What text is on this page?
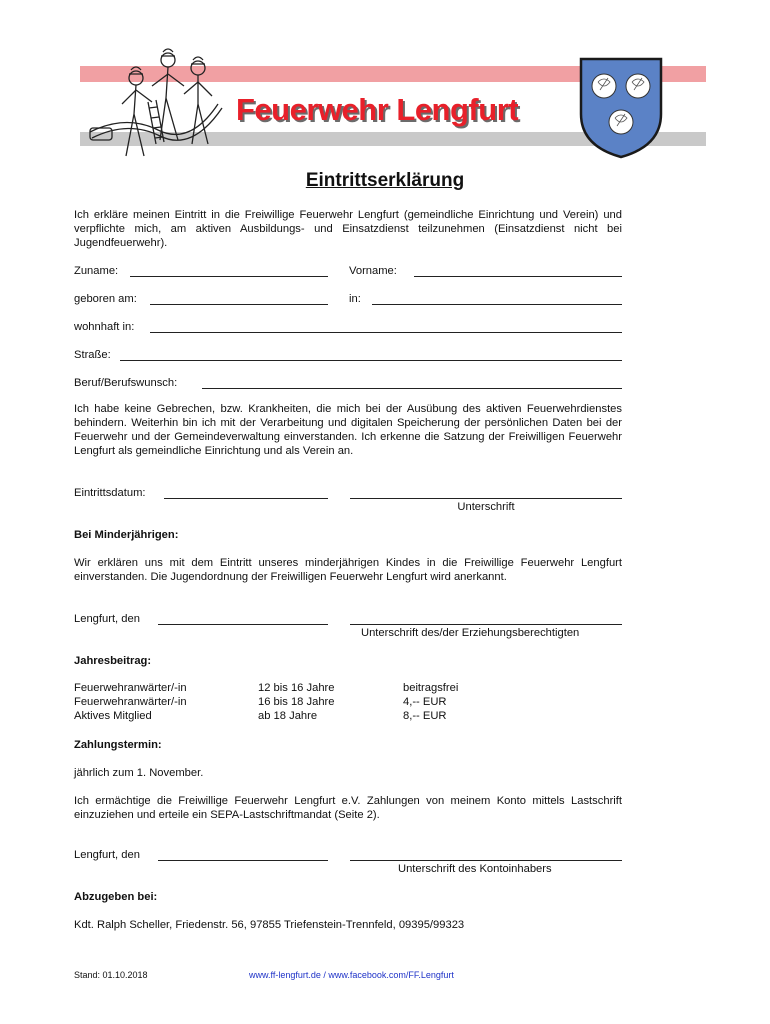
Feuerwehr Lengfurt
Eintrittserklärung
Ich erkläre meinen Eintritt in die Freiwillige Feuerwehr Lengfurt (gemeindliche Einrichtung und Verein) und verpflichte mich, am aktiven Ausbildungs- und Einsatzdienst teilzunehmen (Einsatzdienst nicht bei Jugendfeuerwehr).
Zuname:	Vorname:
geboren am:	in:
wohnhaft in:
Straße:
Beruf/Berufswunsch:
Ich habe keine Gebrechen, bzw. Krankheiten, die mich bei der Ausübung des aktiven Feuerwehrdienstes behindern. Weiterhin bin ich mit der Verarbeitung und digitalen Speicherung der persönlichen Daten bei der Feuerwehr und der Gemeindeverwaltung einverstanden. Ich erkenne die Satzung der Freiwilligen Feuerwehr Lengfurt als gemeindliche Einrichtung und als Verein an.
Eintrittsdatum:
Unterschrift
Bei Minderjährigen:
Wir erklären uns mit dem Eintritt unseres minderjährigen Kindes in die Freiwillige Feuerwehr Lengfurt einverstanden. Die Jugendordnung der Freiwilligen Feuerwehr Lengfurt wird anerkannt.
Lengfurt, den
Unterschrift des/der Erziehungsberechtigten
Jahresbeitrag:
Feuerwehranwärter/-in	12 bis 16 Jahre	beitragsfrei
Feuerwehranwärter/-in	16 bis 18 Jahre	4,-- EUR
Aktives Mitglied	ab 18 Jahre	8,-- EUR
Zahlungstermin:
jährlich zum 1. November.
Ich ermächtige die Freiwillige Feuerwehr Lengfurt e.V. Zahlungen von meinem Konto mittels Lastschrift einzuziehen und erteile ein SEPA-Lastschriftmandat (Seite 2).
Lengfurt, den
Unterschrift des Kontoinhabers
Abzugeben bei:
Kdt. Ralph Scheller, Friedenstr. 56, 97855 Triefenstein-Trennfeld, 09395/99323
Stand: 01.10.2018	www.ff-lengfurt.de / www.facebook.com/FF.Lengfurt
